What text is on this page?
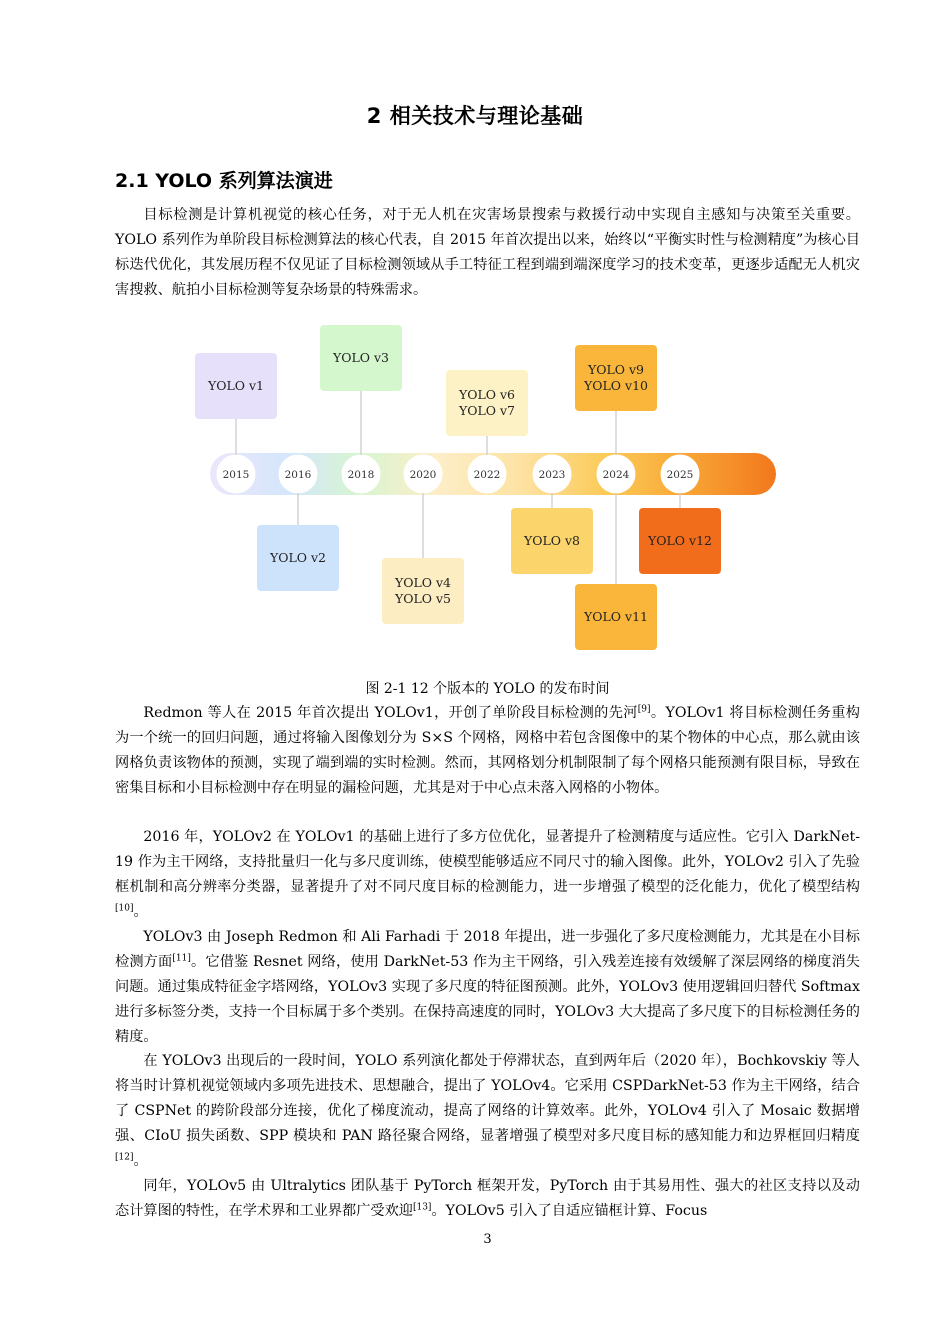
2 相关技术与理论基础
2.1 YOLO 系列算法演进

目标检测是计算机视觉的核心任务，对于无人机在灾害场景搜索与救援行动中实现自主感知与决策至关重要。YOLO 系列作为单阶段目标检测算法的核心代表，自 2015 年首次提出以来，始终以“平衡实时性与检测精度”为核心目标迭代优化，其发展历程不仅见证了目标检测领域从手工特征工程到端到端深度学习的技术变革，更逐步适配无人机灾害搜救、航拍小目标检测等复杂场景的特殊需求。

2015	2016	2018	2020	2022	2023	2024	2025
YOLO v1
YOLO v2
YOLO v3
YOLO v4
YOLO v5
YOLO v6
YOLO v7
YOLO v8
YOLO v9
YOLO v10
YOLO v11
YOLO v12
图 2-1 12 个版本的 YOLO 的发布时间

Redmon 等人在 2015 年首次提出 YOLOv1，开创了单阶段目标检测的先河[9]。YOLOv1 将目标检测任务重构为一个统一的回归问题，通过将输入图像划分为 S×S 个网格，网格中若包含图像中的某个物体的中心点，那么就由该网格负责该物体的预测，实现了端到端的实时检测。然而，其网格划分机制限制了每个网格只能预测有限目标，导致在密集目标和小目标检测中存在明显的漏检问题，尤其是对于中心点未落入网格的小物体。

2016 年，YOLOv2 在 YOLOv1 的基础上进行了多方位优化，显著提升了检测精度与适应性。它引入 DarkNet-19 作为主干网络，支持批量归一化与多尺度训练，使模型能够适应不同尺寸的输入图像。此外，YOLOv2 引入了先验框机制和高分辨率分类器，显著提升了对不同尺度目标的检测能力，进一步增强了模型的泛化能力，优化了模型结构[10]。

YOLOv3 由 Joseph Redmon 和 Ali Farhadi 于 2018 年提出，进一步强化了多尺度检测能力，尤其是在小目标检测方面[11]。它借鉴 Resnet 网络，使用 DarkNet-53 作为主干网络，引入残差连接有效缓解了深层网络的梯度消失问题。通过集成特征金字塔网络，YOLOv3 实现了多尺度的特征图预测。此外，YOLOv3 使用逻辑回归替代 Softmax 进行多标签分类，支持一个目标属于多个类别。在保持高速度的同时，YOLOv3 大大提高了多尺度下的目标检测任务的精度。

在 YOLOv3 出现后的一段时间，YOLO 系列演化都处于停滞状态，直到两年后（2020 年），Bochkovskiy 等人将当时计算机视觉领域内多项先进技术、思想融合，提出了 YOLOv4。它采用 CSPDarkNet-53 作为主干网络，结合了 CSPNet 的跨阶段部分连接，优化了梯度流动，提高了网络的计算效率。此外，YOLOv4 引入了 Mosaic 数据增强、CIoU 损失函数、SPP 模块和 PAN 路径聚合网络，显著增强了模型对多尺度目标的感知能力和边界框回归精度[12]。

同年，YOLOv5 由 Ultralytics 团队基于 PyTorch 框架开发，PyTorch 由于其易用性、强大的社区支持以及动态计算图的特性，在学术界和工业界都广受欢迎[13]。YOLOv5 引入了自适应锚框计算、Focus

3
